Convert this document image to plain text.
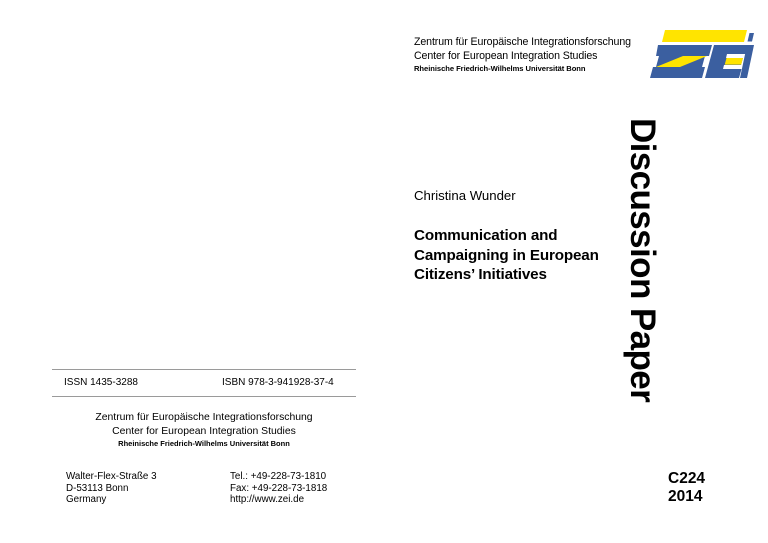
Zentrum für Europäische Integrationsforschung
Center for European Integration Studies
Rheinische Friedrich-Wilhelms Universität Bonn
Christina Wunder
Communication and
Campaigning in European
Citizens’ Initiatives	Discussion Paper
C224
2014
ISSN 1435-3288	ISBN 978-3-941928-37-4
Zentrum für Europäische Integrationsforschung
Center for European Integration Studies
Rheinische Friedrich-Wilhelms Universität Bonn
Walter-Flex-Straße 3
D-53113 Bonn
Germany
Tel.: +49-228-73-1810
Fax: +49-228-73-1818
http://www.zei.de
